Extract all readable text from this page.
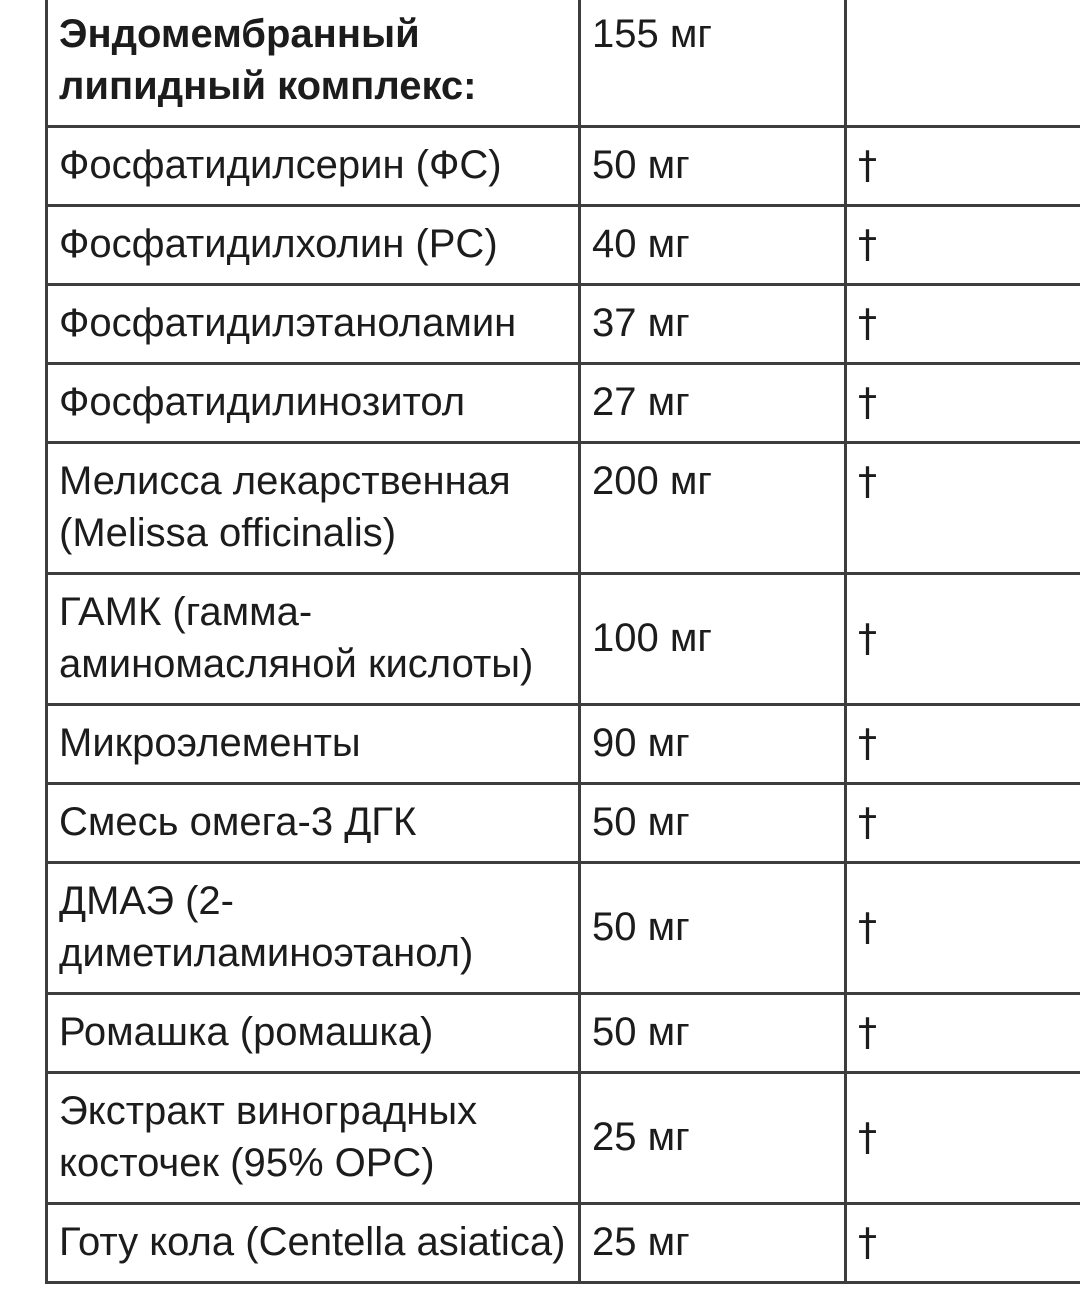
Эндомембранный липидный комплекс:	155 мг	
Фосфатидилсерин (ФС)	50 мг	†
Фосфатидилхолин (PC)	40 мг	†
Фосфатидилэтаноламин	37 мг	†
Фосфатидилинозитол	27 мг	†
Мелисса лекарственная (Melissa officinalis)	200 мг	†
ГАМК (гамма-аминомасляной кислоты)	100 мг	†
Микроэлементы	90 мг	†
Смесь омега-3 ДГК	50 мг	†
ДМАЭ (2-диметиламиноэтанол)	50 мг	†
Ромашка (ромашка)	50 мг	†
Экстракт виноградных косточек (95% OPC)	25 мг	†
Готу кола (Centella asiatica)	25 мг	†
